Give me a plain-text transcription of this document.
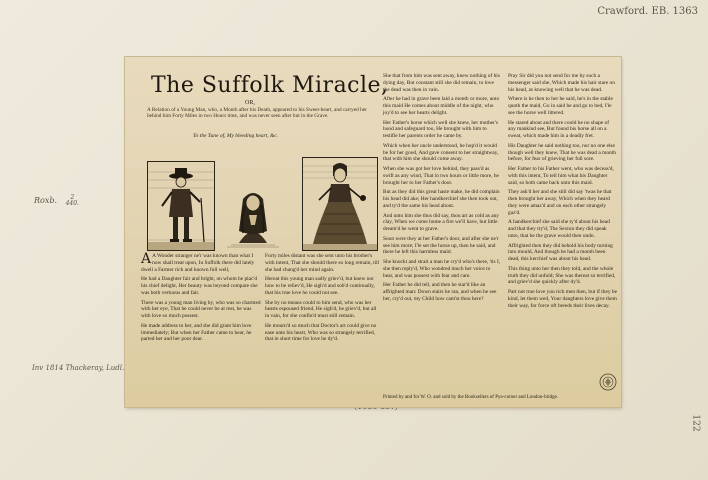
Crawford. EB. 1363
Roxb. 2
440.
Inv 1814 Thackeray, Ludl.
122
The Suffolk Miracle,
OR,
A Relation of a Young Man, who, a Month after his Death, appeared to his Sweet-heart, and carryed her behind him Forty Miles in two Hours time, and was never seen after but in the Grave.
To the Tune of, My bleeding heart, &c.

A A Wonder stranger ne'r was known than what I now shall treat upon, In Suffolk there did lately dwell a Farmer rich and known full well,

He had a Daughter fair and bright, on whom he plac'd his chief delight, Her beauty was beyond compare she was both vertuous and fair.

There was a young man living by, who was so charmed with her eye, That he could never be at rest, he was with love so much possest.

He made address to her, and she did grant him love immediately; But when her Father came to hear, he parted her and her poor dear.

Forty miles distant was she sent unto his brother's with intent, That she should there so long remain, till she had chang'd her mind again.

Hereat this young man sadly griev'd, but knew not how to be reliev'd, He sigh'd and sob'd continually, that his true love he could not see.

She by no means could to him send, who was her hearts espoused friend, He sigh'd, he griev'd, but all in vain, for she confin'd must still remain.

He mourn'd so much that Doctor's art could give no ease unto his heart, Who was so strangely terrified, that in short time for love he dy'd.

She that from him was sent away, knew nothing of his dying day, But constant still she did remain, to love the dead was then in vain.

After he had in grave been laid a month or more, unto this maid He comes about middle of the night, who joy'd to see her hearts delight.

Her Father's horse which well she knew, her mother's hood and safeguard too, He brought with him to testifie her parents order he came by.

Which when her uncle understood, he hop'd it would be for her good, And gave consent to her straightway, that with him she should come away.

When she was got her love behind, they pass'd as swift as any wind, That in two hours or little more, he brought her to her Father's door.

But as they did this great haste make, he did complain his head did ake; Her handkerchief she then took out, and ty'd the same his head about.

And unto him she thus did say, thou art as cold as any clay, When we come home a fire we'll have, but little dream'd he went to grave.

Soon were they at her Father's door, and after she ne'r see him more; I'le set the horse up, then he said, and there he left this harmless maid.

She knockt and strait a man he cry'd who's there, 'tis I, she then reply'd, Who wondred much her voice to hear, and was possest with fear and care.

Her Father he did tell, and then he star'd like an affrighted man: Down stairs he ran, and when he see her, cry'd out, my Child how cam'st thou here?

Pray Sir did you not send for me by such a messenger said she, Which made his hair stare on his head, as knowing well that he was dead.

Where is he then to her he said, he's in the stable quoth the maid, Go in said he and go to bed, I'le see the horse well littered.

He stared about and there could he no shape of any mankind see, But found his horse all on a sweat, which made him in a deadly fret.

His Daughter he said nothing too, nor no one else though well they knew, That he was dead a month before, for fear of grieving her full sore.

Her Father to his Father went, who was deceas'd, with this intent, To tell him what his Daughter said, so both came back unto this maid.

They ask'd her and she still did say 'twas he that then brought her away, Which when they heard they were amaz'd and on each other strangely gaz'd.

A handkerchief she said she ty'd about his head and that they try'd, The Sexton they did speak unto, that he the grave would then undo.

Affrighted then they did behold his body turning into mould, And though he had a month been dead, this kerchief was about his head.

This thing unto her then they told, and the whole truth they did unfold; She was thereat so terrified, and griev'd she quickly after dy'd.

Part not true love you rich men then, but if they be kind, let them wed, Your daughters love give them their way, for force oft breeds their lives decay.

Printed by and for W. O. and sold by the Booksellers of Pye-corner and London-bridge.
